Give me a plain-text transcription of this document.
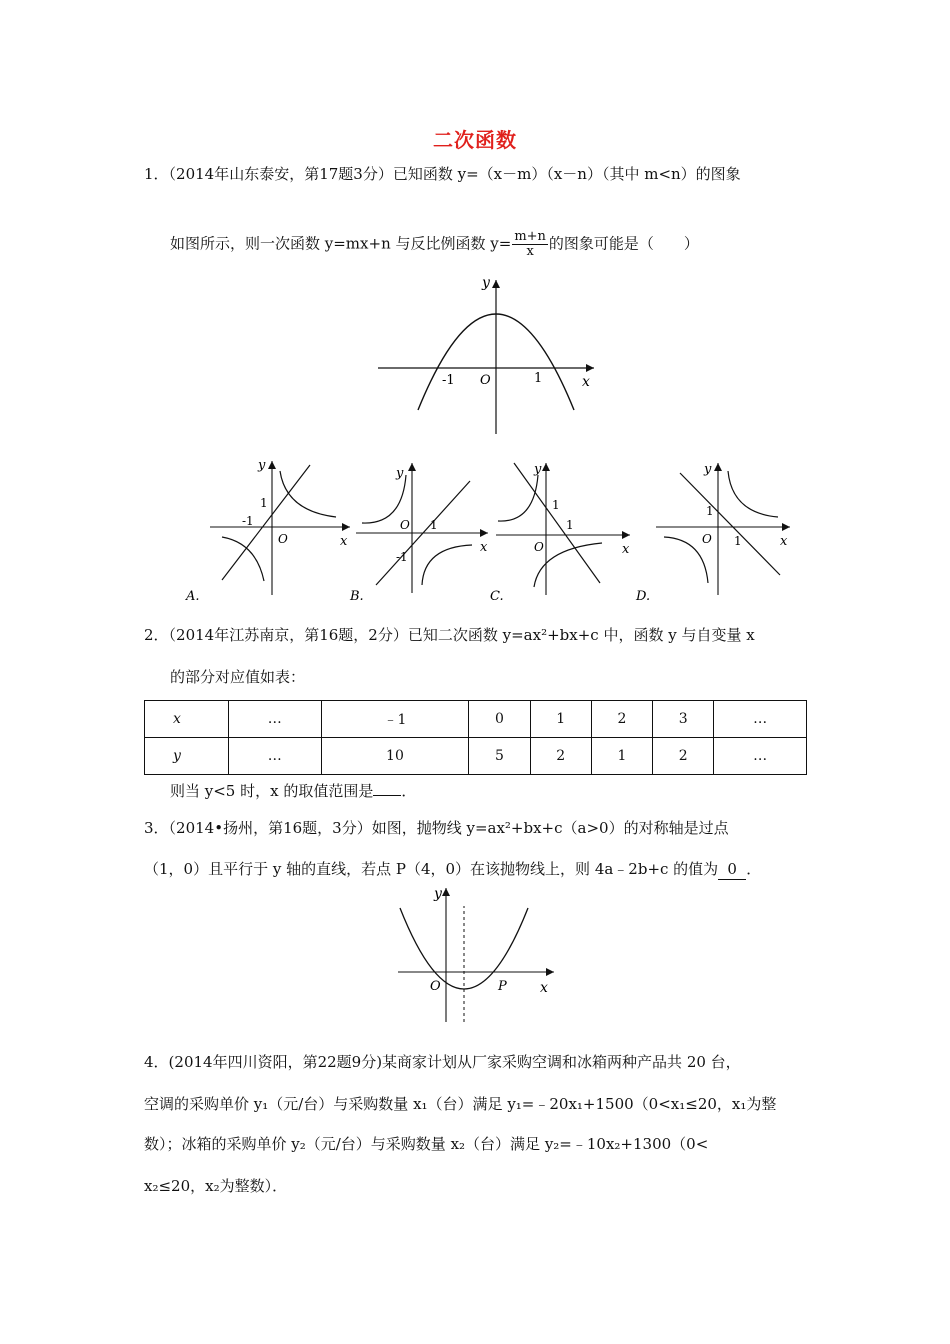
二次函数
1．（2014年山东泰安，第17题3分）已知函数 y=（x－m）（x－n）（其中 m<n）的图象
如图所示，则一次函数 y=mx+n 与反比例函数 $y= \frac{m+n}{x}$ 的图象可能是（　　）
y
x
O
-1	1
y
x
O
1
-1
A.
y
x
O 1
-1
B.
y
x
O
1
1
C.
y
x
O
1
1
D.
2．（2014年江苏南京，第16题，2分）已知二次函数 y=ax²+bx+c 中，函数 y 与自变量 x
的部分对应值如表：
x	…	﹣1	0	1	2	3	…
y	…	10	5	2	1	2	…
则当 y<5 时，x 的取值范围是 ．
3．（2014•扬州，第16题，3分）如图，抛物线 y=ax²+bx+c（a>0）的对称轴是过点
（1，0）且平行于 y 轴的直线，若点 P（4，0）在该抛物线上，则 4a﹣2b+c 的值为 0 ．
y
x
O	P
4．(2014年四川资阳，第22题9分)某商家计划从厂家采购空调和冰箱两种产品共 20 台，
空调的采购单价 y₁（元/台）与采购数量 x₁（台）满足 y₁=﹣20x₁+1500（0<x₁≤20，x₁为整
数）；冰箱的采购单价 y₂（元/台）与采购数量 x₂（台）满足 y₂=﹣10x₂+1300（0<
x₂≤20，x₂为整数）．
